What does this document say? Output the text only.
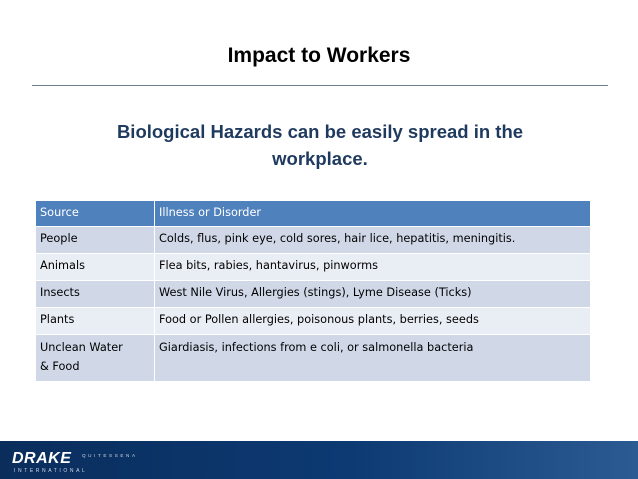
Impact to Workers
Biological Hazards can be easily spread in the
workplace.
Source	Illness or Disorder
People	Colds, flus, pink eye, cold sores, hair lice, hepatitis, meningitis.
Animals	Flea bits, rabies, hantavirus, pinworms
Insects	West Nile Virus, Allergies (stings), Lyme Disease (Ticks)
Plants	Food or Pollen allergies, poisonous plants, berries, seeds
Unclean Water
& Food	Giardiasis, infections from e coli, or salmonella bacteria
DRAKE QUITESSENA
INTERNATIONAL
